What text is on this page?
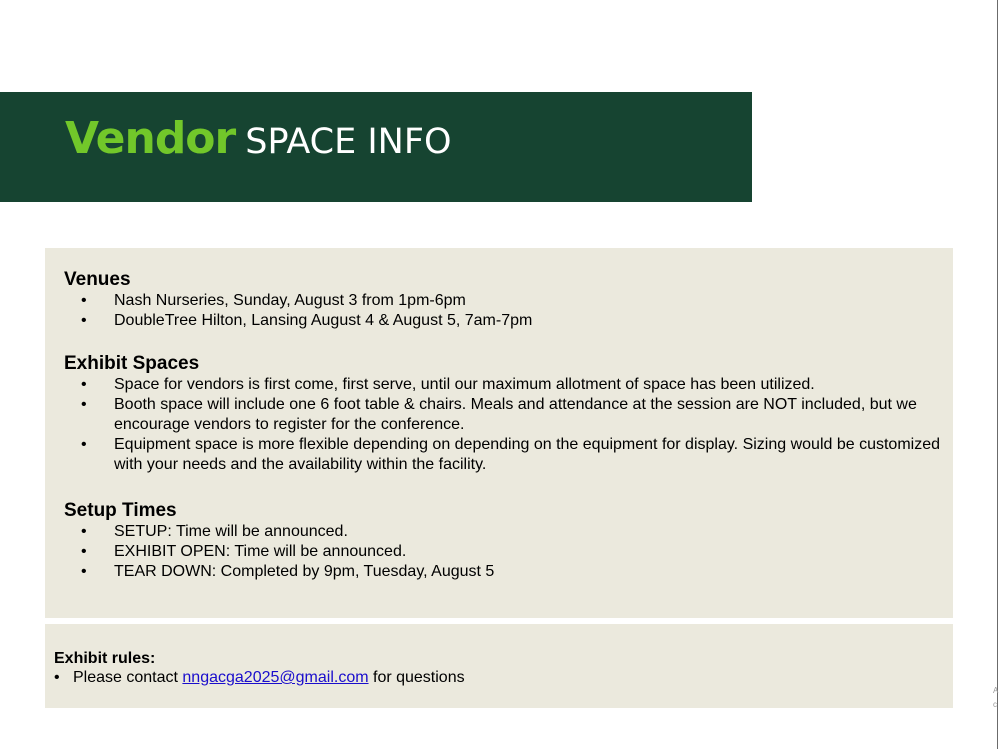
A
c
Vendor SPACE INFO
Venues
• Nash Nurseries, Sunday, August 3 from 1pm-6pm
• DoubleTree Hilton, Lansing August 4 & August 5, 7am-7pm
Exhibit Spaces
• Space for vendors is first come, first serve, until our maximum allotment of space has been utilized.
• Booth space will include one 6 foot table & chairs. Meals and attendance at the session are NOT included, but we encourage vendors to register for the conference.
• Equipment space is more flexible depending on depending on the equipment for display. Sizing would be customized with your needs and the availability within the facility.
Setup Times
• SETUP: Time will be announced.
• EXHIBIT OPEN: Time will be announced.
• TEAR DOWN: Completed by 9pm, Tuesday, August 5
Exhibit rules:
• Please contact nngacga2025@gmail.com for questions
